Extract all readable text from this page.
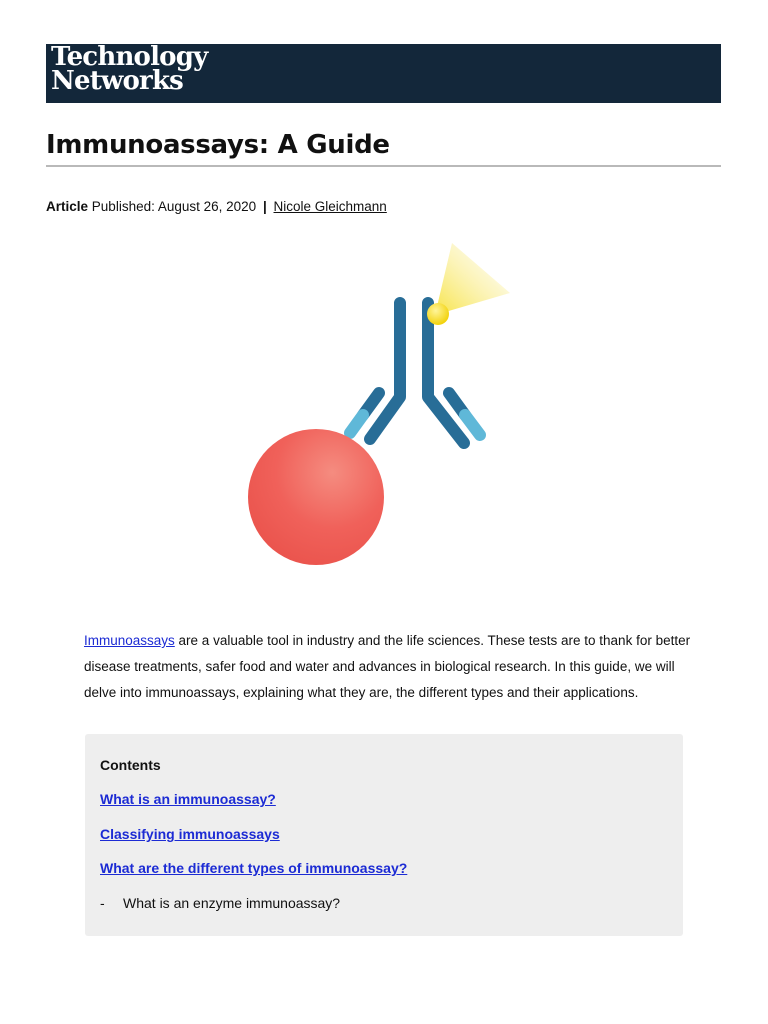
Technology
Networks
Immunoassays: A Guide
Article Published: August 26, 2020 | Nicole Gleichmann

Immunoassays are a valuable tool in industry and the life sciences. These tests are to thank for better disease treatments, safer food and water and advances in biological research. In this guide, we will delve into immunoassays, explaining what they are, the different types and their applications.

Contents
What is an immunoassay?
Classifying immunoassays
What are the different types of immunoassay?
- What is an enzyme immunoassay?
